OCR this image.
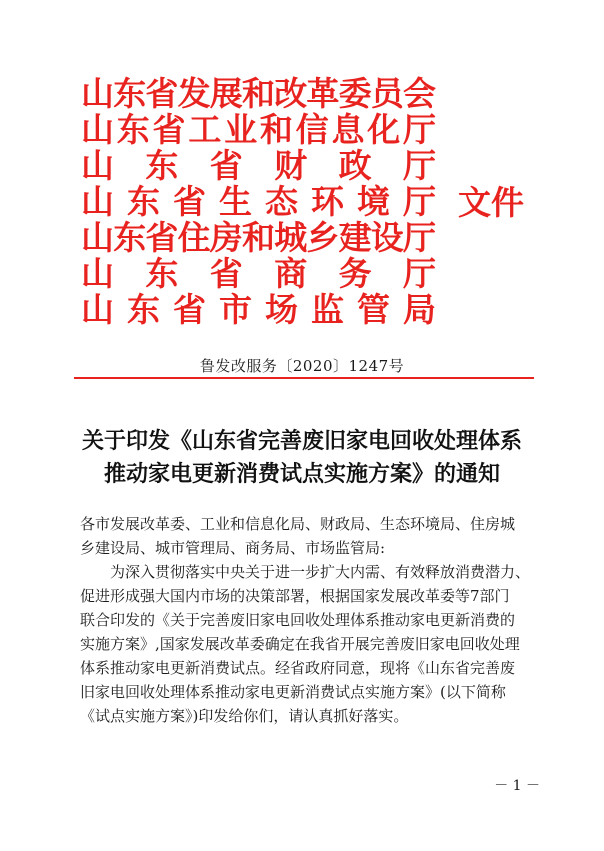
山 东 省 发 展 和 改 革 委 员 会
山 东 省 工 业 和 信 息 化 厅
山 东 省 财 政 厅
山 东 省 生 态 环 境 厅
山 东 省 住 房 和 城 乡 建 设 厅
山 东 省 商 务 厅
山 东 省 市 场 监 管 局
文件
鲁发改服务〔2020〕1247号
关于印发《山东省完善废旧家电回收处理体系
推动家电更新消费试点实施方案》的通知
各市发展改革委、工业和信息化局、财政局、生态环境局、住房城
乡建设局、城市管理局、商务局、市场监管局:
　　为深入贯彻落实中央关于进一步扩大内需、有效释放消费潜力、
促进形成强大国内市场的决策部署，根据国家发展改革委等7部门
联合印发的《关于完善废旧家电回收处理体系推动家电更新消费的
实施方案》,国家发展改革委确定在我省开展完善废旧家电回收处理
体系推动家电更新消费试点。经省政府同意，现将《山东省完善废
旧家电回收处理体系推动家电更新消费试点实施方案》(以下简称
《试点实施方案》)印发给你们，请认真抓好落实。
－ 1 －
